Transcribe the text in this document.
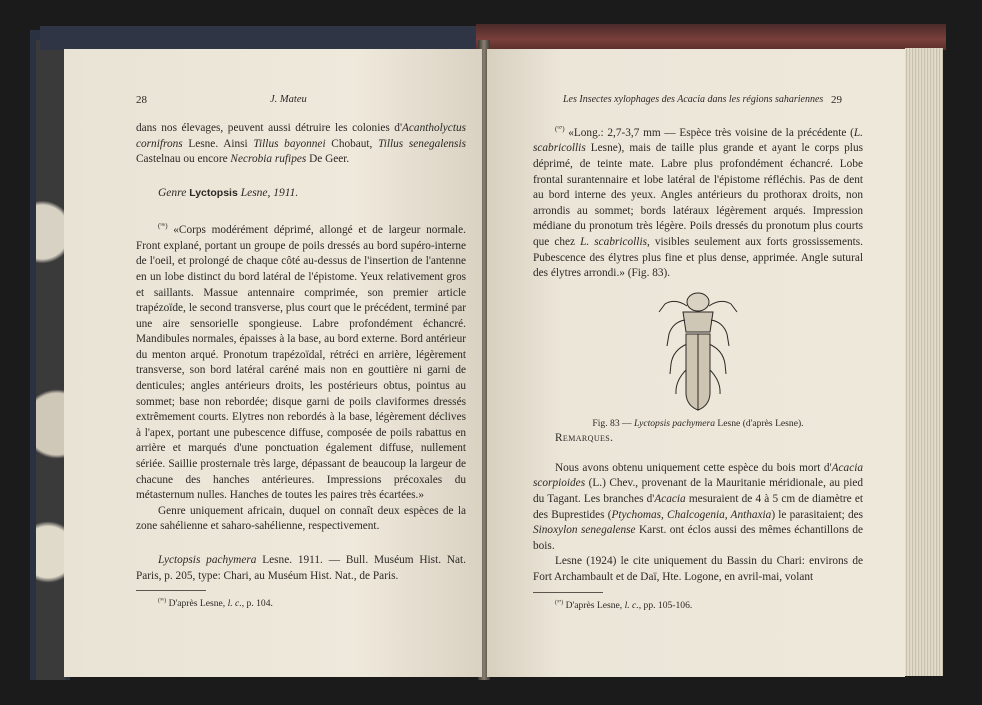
28	J. Mateu

dans nos élevages, peuvent aussi détruire les colonies d'Acantholyctus cornifrons Lesne. Ainsi Tillus bayonnei Chobaut, Tillus senegalensis Castelnau ou encore Necrobia rufipes De Geer.

Genre Lyctopsis Lesne, 1911.

$^{(^{96})}$ «Corps modérément déprimé, allongé et de largeur normale. Front explané, portant un groupe de poils dressés au bord supéro-interne de l'oeil, et prolongé de chaque côté au-dessus de l'insertion de l'antenne en un lobe distinct du bord latéral de l'épistome. Yeux relativement gros et saillants. Massue antennaire comprimée, son premier article trapézoïde, le second transverse, plus court que le précédent, terminé par une aire sensorielle spongieuse. Labre profondément échancré. Mandibules normales, épaisses à la base, au bord externe. Bord antérieur du menton arqué. Pronotum trapézoïdal, rétréci en arrière, légèrement transverse, son bord latéral caréné mais non en gouttière ni garni de denticules; angles antérieurs droits, les postérieurs obtus, pointus au sommet; base non rebordée; disque garni de poils claviformes dressés extrêmement courts. Elytres non rebordés à la base, légèrement déclives à l'apex, portant une pubescence diffuse, composée de poils rabattus en arrière et marqués d'une ponctuation également diffuse, nullement sériée. Saillie prosternale très large, dépassant de beaucoup la largeur de chacune des hanches antérieures. Impressions précoxales du métasternum nulles. Hanches de toutes les paires très écartées.»

Genre uniquement africain, duquel on connaît deux espèces de la zone sahélienne et saharo-sahélienne, respectivement.

Lyctopsis pachymera Lesne. 1911. — Bull. Muséum Hist. Nat. Paris, p. 205, type: Chari, au Muséum Hist. Nat., de Paris.

$^{(^{96})}$ D'après Lesne, l. c., p. 104.

Les Insectes xylophages des Acacia dans les régions sahariennes 29

$^{(^{97})}$ «Long.: 2,7-3,7 mm — Espèce très voisine de la précédente (L. scabricollis Lesne), mais de taille plus grande et ayant le corps plus déprimé, de teinte mate. Labre plus profondément échancré. Lobe frontal surantennaire et lobe latéral de l'épistome réfléchis. Pas de dent au bord interne des yeux. Angles antérieurs du prothorax droits, non arrondis au sommet; bords latéraux légèrement arqués. Impression médiane du pronotum très légère. Poils dressés du pronotum plus courts que chez L. scabricollis, visibles seulement aux forts grossissements. Pubescence des élytres plus fine et plus dense, apprimée. Angle sutural des élytres arrondi.» (Fig. 83).

Fig. 83 — Lyctopsis pachymera Lesne (d'après Lesne).

Remarques.

Nous avons obtenu uniquement cette espèce du bois mort d'Acacia scorpioides (L.) Chev., provenant de la Mauritanie méridionale, au pied du Tagant. Les branches d'Acacia mesuraient de 4 à 5 cm de diamètre et des Buprestides (Ptychomas, Chalcogenia, Anthaxia) le parasitaient; des Sinoxylon senegalense Karst. ont éclos aussi des mêmes échantillons de bois.

Lesne (1924) le cite uniquement du Bassin du Chari: environs de Fort Archambault et de Daï, Hte. Logone, en avril-mai, volant

$^{(^{97})}$ D'après Lesne, l. c., pp. 105-106.
